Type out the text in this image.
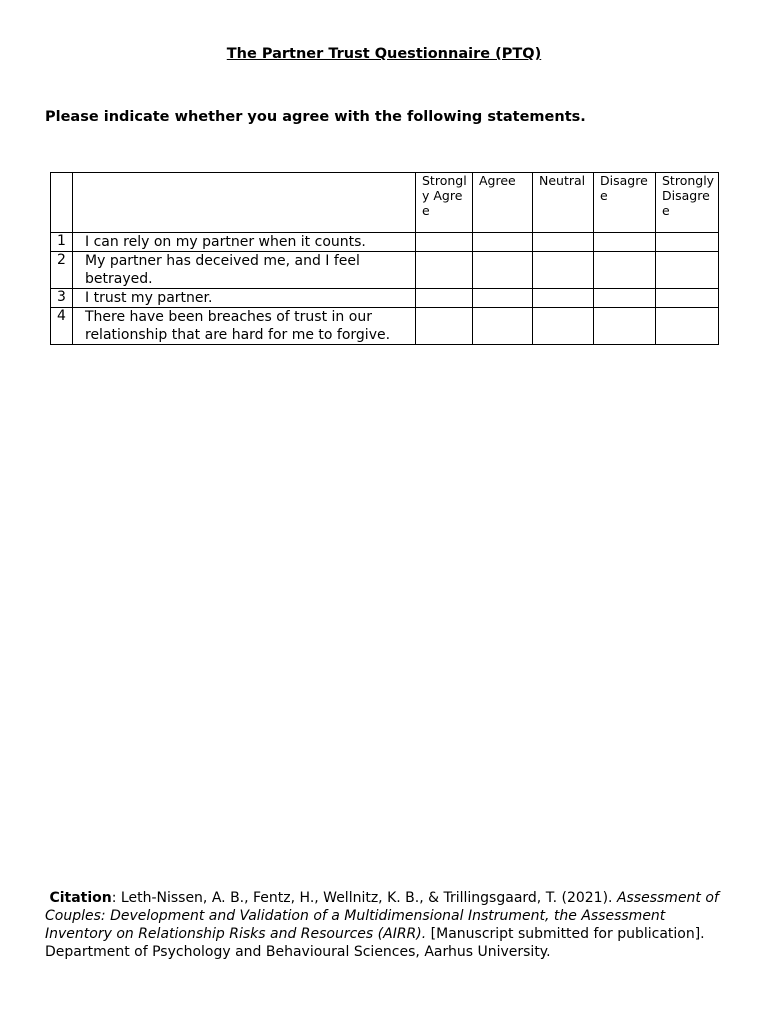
The Partner Trust Questionnaire (PTQ)

Please indicate whether you agree with the following statements.

		Strongly Agree	Agree	Neutral	Disagree	Strongly Disagree
1	I can rely on my partner when it counts.					
2	My partner has deceived me, and I feel betrayed.					
3	I trust my partner.					
4	There have been breaches of trust in our relationship that are hard for me to forgive.					

Citation: Leth-Nissen, A. B., Fentz, H., Wellnitz, K. B., & Trillingsgaard, T. (2021). Assessment of Couples: Development and Validation of a Multidimensional Instrument, the Assessment Inventory on Relationship Risks and Resources (AIRR). [Manuscript submitted for publication]. Department of Psychology and Behavioural Sciences, Aarhus University.
